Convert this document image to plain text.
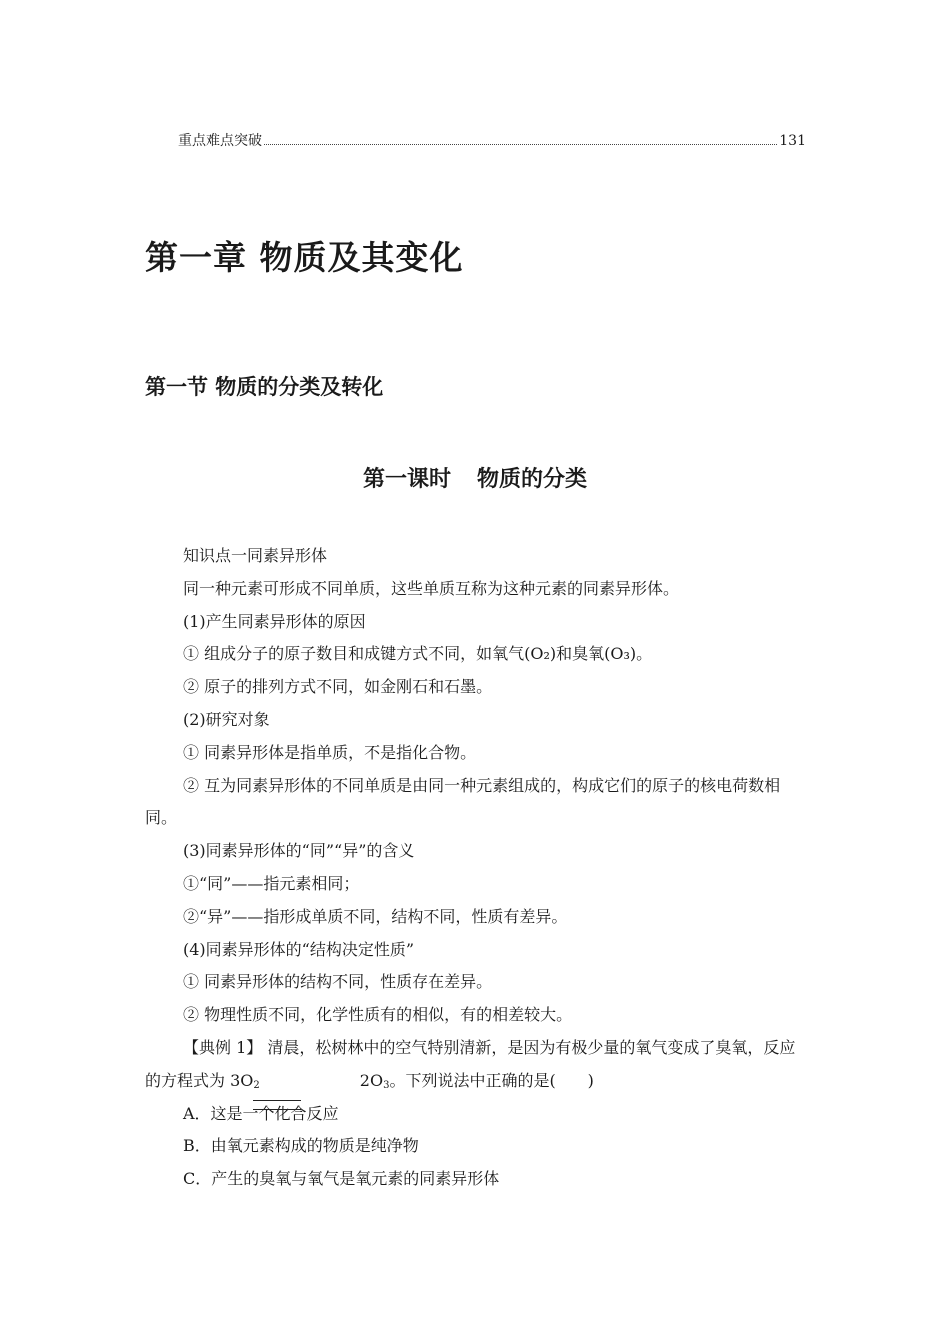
重点难点突破	131
第一章 物质及其变化
第一节 物质的分类及转化
第一课时 物质的分类

知识点一同素异形体

同一种元素可形成不同单质，这些单质互称为这种元素的同素异形体。

(1)产生同素异形体的原因

① 组成分子的原子数目和成键方式不同，如氧气(O₂)和臭氧(O₃)。

② 原子的排列方式不同，如金刚石和石墨。

(2)研究对象

① 同素异形体是指单质，不是指化合物。

② 互为同素异形体的不同单质是由同一种元素组成的，构成它们的原子的核电荷数相同。

(3)同素异形体的“同”“异”的含义

①“同”——指元素相同；

②“异”——指形成单质不同，结构不同，性质有差异。

(4)同素异形体的“结构决定性质”

① 同素异形体的结构不同，性质存在差异。

② 物理性质不同，化学性质有的相似，有的相差较大。

【典例 1】 清晨，松树林中的空气特别清新，是因为有极少量的氧气变成了臭氧，反应的方程式为 $3O_2$	$2O_3$。下列说法中正确的是(　　)

A．这是一个化合反应

B．由氧元素构成的物质是纯净物

C．产生的臭氧与氧气是氧元素的同素异形体
